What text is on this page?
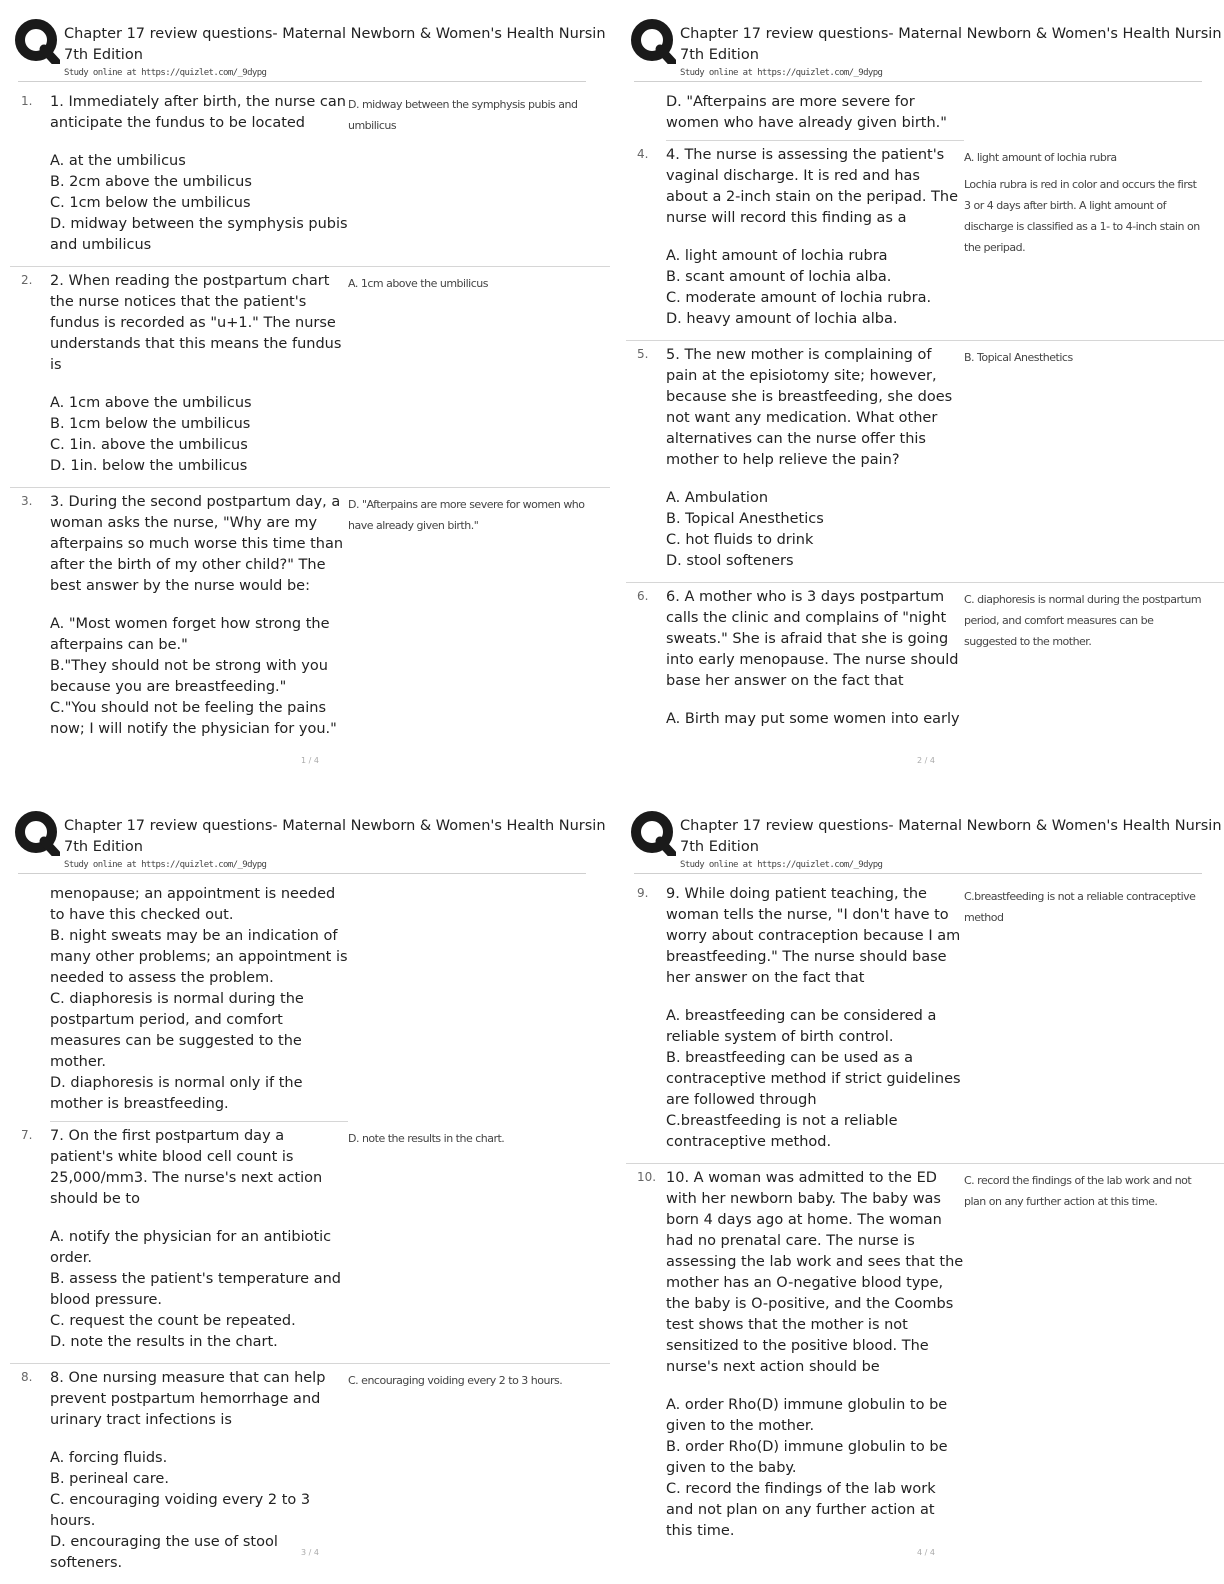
Chapter 17 review questions- Maternal Newborn & Women's Health Nursin
7th Edition
Study online at https://quizlet.com/_9dypg
1. 1. Immediately after birth, the nurse can anticipate the fundus to be located
A. at the umbilicus
B. 2cm above the umbilicus
C. 1cm below the umbilicus
D. midway between the symphysis pubis and umbilicus
D. midway between the symphysis pubis and umbilicus
2. 2. When reading the postpartum chart the nurse notices that the patient's fundus is recorded as "u+1." The nurse understands that this means the fundus is
A. 1cm above the umbilicus
B. 1cm below the umbilicus
C. 1in. above the umbilicus
D. 1in. below the umbilicus
A. 1cm above the umbilicus
3. 3. During the second postpartum day, a woman asks the nurse, "Why are my afterpains so much worse this time than after the birth of my other child?" The best answer by the nurse would be:
A. "Most women forget how strong the afterpains can be."
B."They should not be strong with you because you are breastfeeding."
C."You should not be feeling the pains now; I will notify the physician for you."
D. "Afterpains are more severe for women who have already given birth."
1 / 4
Chapter 17 review questions- Maternal Newborn & Women's Health Nursin
7th Edition
Study online at https://quizlet.com/_9dypg
D. "Afterpains are more severe for women who have already given birth."
4. 4. The nurse is assessing the patient's vaginal discharge. It is red and has about a 2-inch stain on the peripad. The nurse will record this finding as a
A. light amount of lochia rubra
B. scant amount of lochia alba.
C. moderate amount of lochia rubra.
D. heavy amount of lochia alba.
A. light amount of lochia rubra
Lochia rubra is red in color and occurs the first 3 or 4 days after birth. A light amount of discharge is classified as a 1- to 4-inch stain on the peripad.
5. 5. The new mother is complaining of pain at the episiotomy site; however, because she is breastfeeding, she does not want any medication. What other alternatives can the nurse offer this mother to help relieve the pain?
A. Ambulation
B. Topical Anesthetics
C. hot fluids to drink
D. stool softeners
B. Topical Anesthetics
6. 6. A mother who is 3 days postpartum calls the clinic and complains of "night sweats." She is afraid that she is going into early menopause. The nurse should base her answer on the fact that
A. Birth may put some women into early
C. diaphoresis is normal during the postpartum period, and comfort measures can be suggested to the mother.
2 / 4
Chapter 17 review questions- Maternal Newborn & Women's Health Nursin
7th Edition
Study online at https://quizlet.com/_9dypg
menopause; an appointment is needed to have this checked out.
B. night sweats may be an indication of many other problems; an appointment is needed to assess the problem.
C. diaphoresis is normal during the postpartum period, and comfort measures can be suggested to the mother.
D. diaphoresis is normal only if the mother is breastfeeding.
7. 7. On the first postpartum day a patient's white blood cell count is 25,000/mm3. The nurse's next action should be to
A. notify the physician for an antibiotic order.
B. assess the patient's temperature and blood pressure.
C. request the count be repeated.
D. note the results in the chart.
D. note the results in the chart.
8. 8. One nursing measure that can help prevent postpartum hemorrhage and urinary tract infections is
A. forcing fluids.
B. perineal care.
C. encouraging voiding every 2 to 3 hours.
D. encouraging the use of stool softeners.
C. encouraging voiding every 2 to 3 hours.
3 / 4
Chapter 17 review questions- Maternal Newborn & Women's Health Nursin
7th Edition
Study online at https://quizlet.com/_9dypg
9. 9. While doing patient teaching, the woman tells the nurse, "I don't have to worry about contraception because I am breastfeeding." The nurse should base her answer on the fact that
A. breastfeeding can be considered a reliable system of birth control.
B. breastfeeding can be used as a contraceptive method if strict guidelines are followed through
C.breastfeeding is not a reliable contraceptive method.
C.breastfeeding is not a reliable contraceptive method
10. 10. A woman was admitted to the ED with her newborn baby. The baby was born 4 days ago at home. The woman had no prenatal care. The nurse is assessing the lab work and sees that the mother has an O-negative blood type, the baby is O-positive, and the Coombs test shows that the mother is not sensitized to the positive blood. The nurse's next action should be
A. order Rho(D) immune globulin to be given to the mother.
B. order Rho(D) immune globulin to be given to the baby.
C. record the findings of the lab work and not plan on any further action at this time.
C. record the findings of the lab work and not plan on any further action at this time.
4 / 4
